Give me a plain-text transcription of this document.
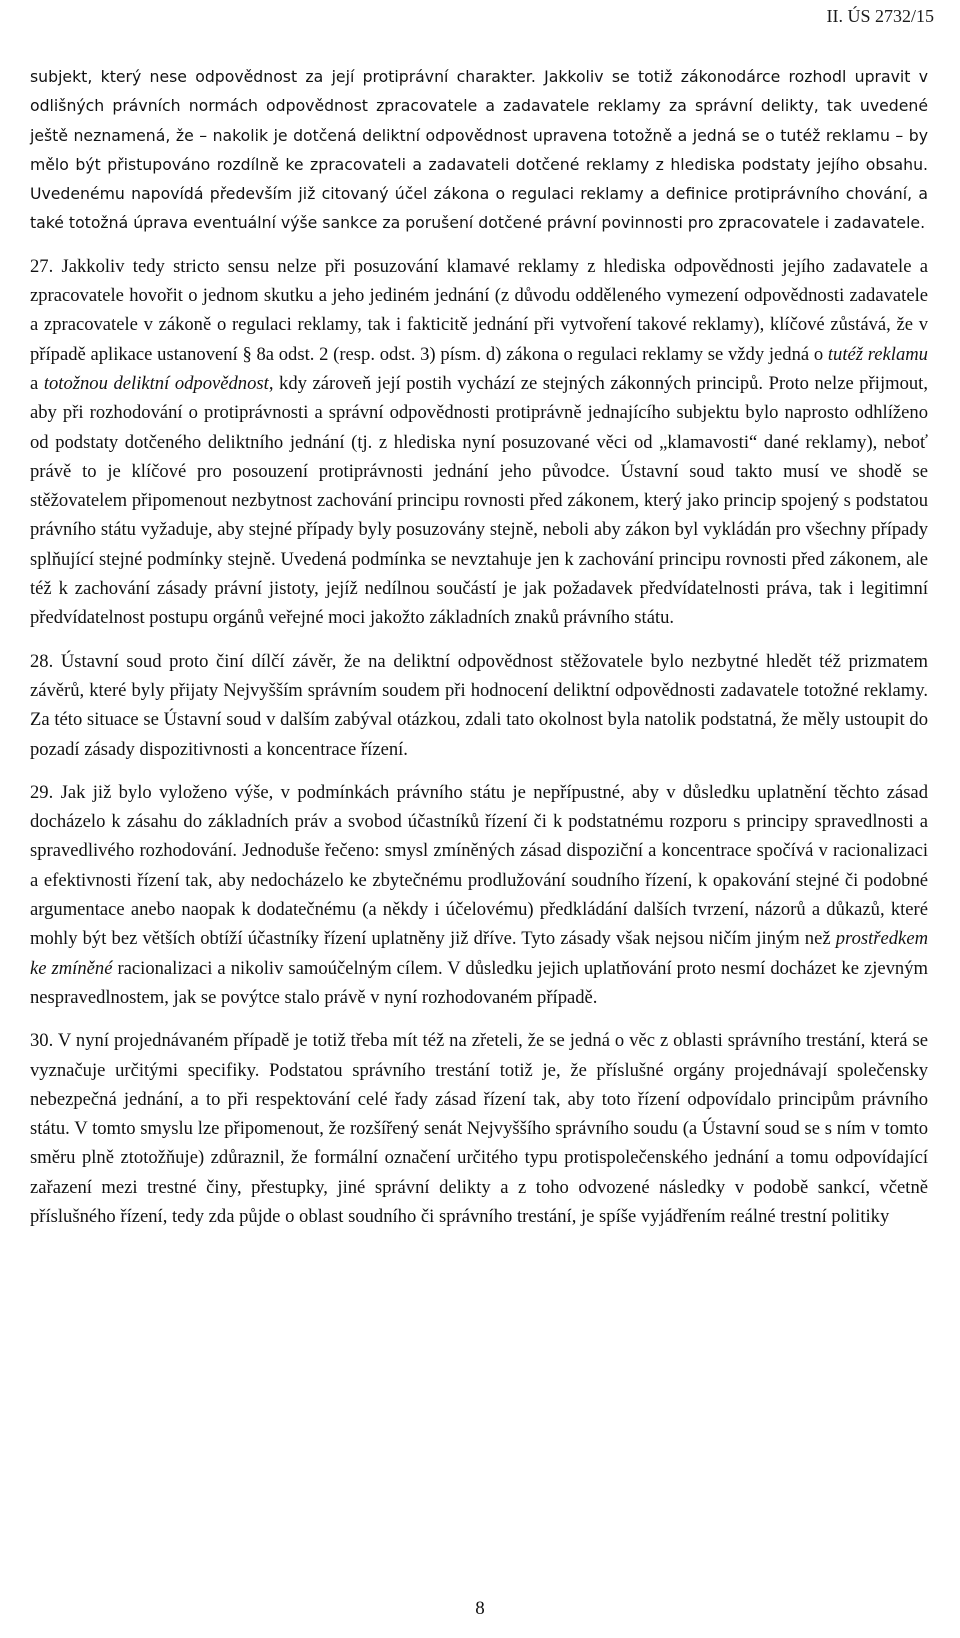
II. ÚS 2732/15

subjekt, který nese odpovědnost za její protiprávní charakter. Jakkoliv se totiž zákonodárce rozhodl upravit v odlišných právních normách odpovědnost zpracovatele a zadavatele reklamy za správní delikty, tak uvedené ještě neznamená, že – nakolik je dotčená deliktní odpovědnost upravena totožně a jedná se o tutéž reklamu – by mělo být přistupováno rozdílně ke zpracovateli a zadavateli dotčené reklamy z hlediska podstaty jejího obsahu. Uvedenému napovídá především již citovaný účel zákona o regulaci reklamy a definice protiprávního chování, a také totožná úprava eventuální výše sankce za porušení dotčené právní povinnosti pro zpracovatele i zadavatele.

27. Jakkoliv tedy stricto sensu nelze při posuzování klamavé reklamy z hlediska odpovědnosti jejího zadavatele a zpracovatele hovořit o jednom skutku a jeho jediném jednání (z důvodu odděleného vymezení odpovědnosti zadavatele a zpracovatele v zákoně o regulaci reklamy, tak i fakticitě jednání při vytvoření takové reklamy), klíčové zůstává, že v případě aplikace ustanovení § 8a odst. 2 (resp. odst. 3) písm. d) zákona o regulaci reklamy se vždy jedná o tutéž reklamu a totožnou deliktní odpovědnost, kdy zároveň její postih vychází ze stejných zákonných principů. Proto nelze přijmout, aby při rozhodování o protiprávnosti a správní odpovědnosti protiprávně jednajícího subjektu bylo naprosto odhlíženo od podstaty dotčeného deliktního jednání (tj. z hlediska nyní posuzované věci od „klamavosti“ dané reklamy), neboť právě to je klíčové pro posouzení protiprávnosti jednání jeho původce. Ústavní soud takto musí ve shodě se stěžovatelem připomenout nezbytnost zachování principu rovnosti před zákonem, který jako princip spojený s podstatou právního státu vyžaduje, aby stejné případy byly posuzovány stejně, neboli aby zákon byl vykládán pro všechny případy splňující stejné podmínky stejně. Uvedená podmínka se nevztahuje jen k zachování principu rovnosti před zákonem, ale též k zachování zásady právní jistoty, jejíž nedílnou součástí je jak požadavek předvídatelnosti práva, tak i legitimní předvídatelnost postupu orgánů veřejné moci jakožto základních znaků právního státu.

28. Ústavní soud proto činí dílčí závěr, že na deliktní odpovědnost stěžovatele bylo nezbytné hledět též prizmatem závěrů, které byly přijaty Nejvyšším správním soudem při hodnocení deliktní odpovědnosti zadavatele totožné reklamy. Za této situace se Ústavní soud v dalším zabýval otázkou, zdali tato okolnost byla natolik podstatná, že měly ustoupit do pozadí zásady dispozitivnosti a koncentrace řízení.

29. Jak již bylo vyloženo výše, v podmínkách právního státu je nepřípustné, aby v důsledku uplatnění těchto zásad docházelo k zásahu do základních práv a svobod účastníků řízení či k podstatnému rozporu s principy spravedlnosti a spravedlivého rozhodování. Jednoduše řečeno: smysl zmíněných zásad dispoziční a koncentrace spočívá v racionalizaci a efektivnosti řízení tak, aby nedocházelo ke zbytečnému prodlužování soudního řízení, k opakování stejné či podobné argumentace anebo naopak k dodatečnému (a někdy i účelovému) předkládání dalších tvrzení, názorů a důkazů, které mohly být bez větších obtíží účastníky řízení uplatněny již dříve. Tyto zásady však nejsou ničím jiným než prostředkem ke zmíněné racionalizaci a nikoliv samoúčelným cílem. V důsledku jejich uplatňování proto nesmí docházet ke zjevným nespravedlnostem, jak se povýtce stalo právě v nyní rozhodovaném případě.

30. V nyní projednávaném případě je totiž třeba mít též na zřeteli, že se jedná o věc z oblasti správního trestání, která se vyznačuje určitými specifiky. Podstatou správního trestání totiž je, že příslušné orgány projednávají společensky nebezpečná jednání, a to při respektování celé řady zásad řízení tak, aby toto řízení odpovídalo principům právního státu. V tomto smyslu lze připomenout, že rozšířený senát Nejvyššího správního soudu (a Ústavní soud se s ním v tomto směru plně ztotožňuje) zdůraznil, že formální označení určitého typu protispolečenského jednání a tomu odpovídající zařazení mezi trestné činy, přestupky, jiné správní delikty a z toho odvozené následky v podobě sankcí, včetně příslušného řízení, tedy zda půjde o oblast soudního či správního trestání, je spíše vyjádřením reálné trestní politiky

8
